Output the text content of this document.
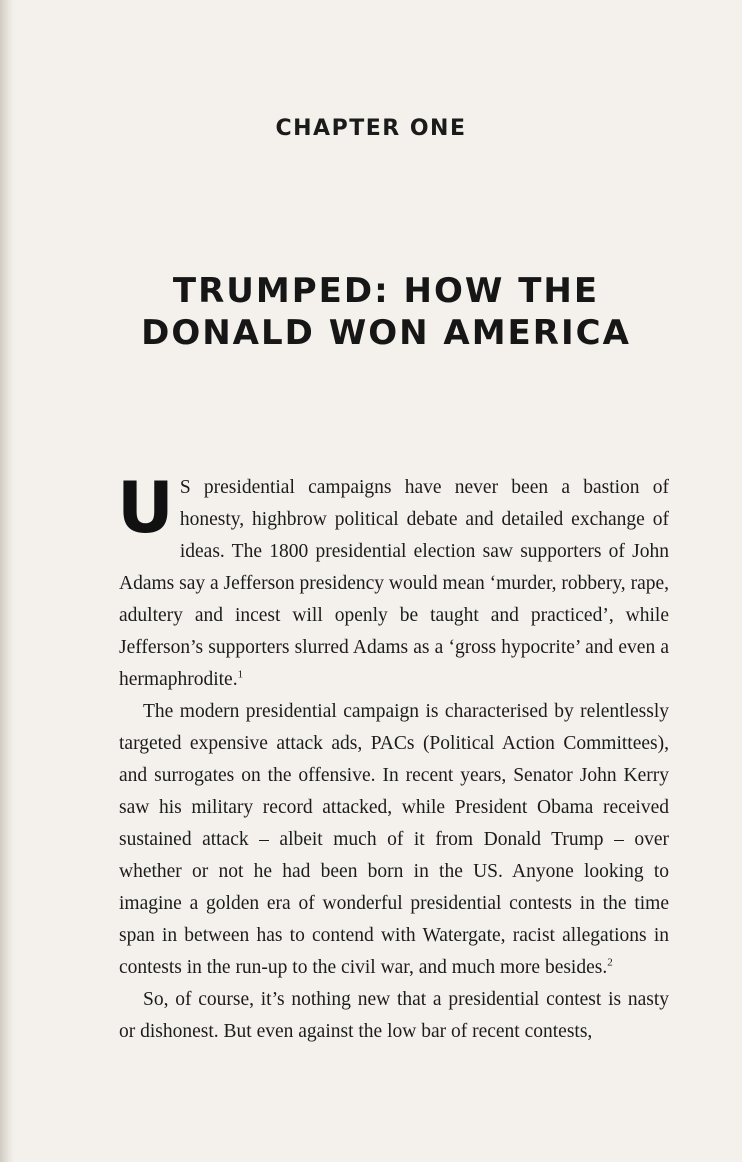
CHAPTER ONE
TRUMPED: HOW THE
DONALD WON AMERICA

U S presidential campaigns have never been a bastion of honesty, highbrow political debate and detailed exchange of ideas. The 1800 presidential election saw supporters of John Adams say a Jefferson presidency would mean ‘murder, robbery, rape, adultery and incest will openly be taught and practiced’, while Jefferson’s supporters slurred Adams as a ‘gross hypocrite’ and even a hermaphrodite.$^1$

The modern presidential campaign is characterised by relentlessly targeted expensive attack ads, PACs (Political Action Committees), and surrogates on the offensive. In recent years, Senator John Kerry saw his military record attacked, while President Obama received sustained attack – albeit much of it from Donald Trump – over whether or not he had been born in the US. Anyone looking to imagine a golden era of wonderful presidential contests in the time span in between has to contend with Watergate, racist allegations in contests in the run-up to the civil war, and much more besides.$^2$

So, of course, it’s nothing new that a presidential contest is nasty or dishonest. But even against the low bar of recent contests,
